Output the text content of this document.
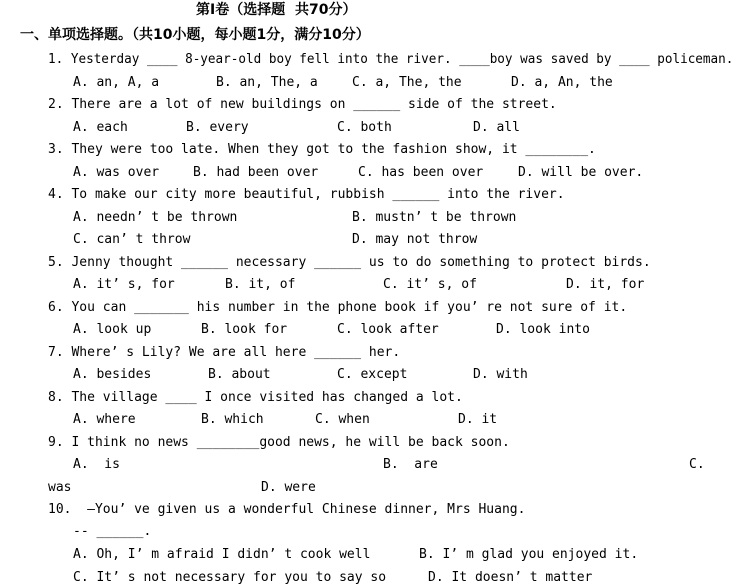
第Ⅰ卷（选择题  共70分）
一、单项选择题。（共10小题，每小题1分，满分10分）
1. Yesterday ____ 8-year-old boy fell into the river. ____boy was saved by ____ policeman.
A. an, A, a	B. an, The, a	C. a, The, the	D. a, An, the
2. There are a lot of new buildings on ______ side of the street.
A. each	B. every	C. both	D. all
3. They were too late. When they got to the fashion show, it ________.
A. was over	B. had been over	C. has been over	D. will be over.
4. To make our city more beautiful, rubbish ______ into the river.
A. needn’ t be thrown	B. mustn’ t be thrown
C. can’ t throw	D. may not throw
5. Jenny thought ______ necessary ______ us to do something to protect birds.
A. it’ s, for	B. it, of	C. it’ s, of	D. it, for
6. You can _______ his number in the phone book if you’ re not sure of it.
A. look up	B. look for	C. look after	D. look into
7. Where’ s Lily? We are all here ______ her.
A. besides	B. about	C. except	D. with
8. The village ____ I once visited has changed a lot.
A. where	B. which	C. when	D. it
9. I think no news ________good news, he will be back soon.
A.  is	B.  are	C.
was	D. were
10.  —You’ ve given us a wonderful Chinese dinner, Mrs Huang.
-- ______.
A. Oh, I’ m afraid I didn’ t cook well	B. I’ m glad you enjoyed it.
C. It’ s not necessary for you to say so	D. It doesn’ t matter
